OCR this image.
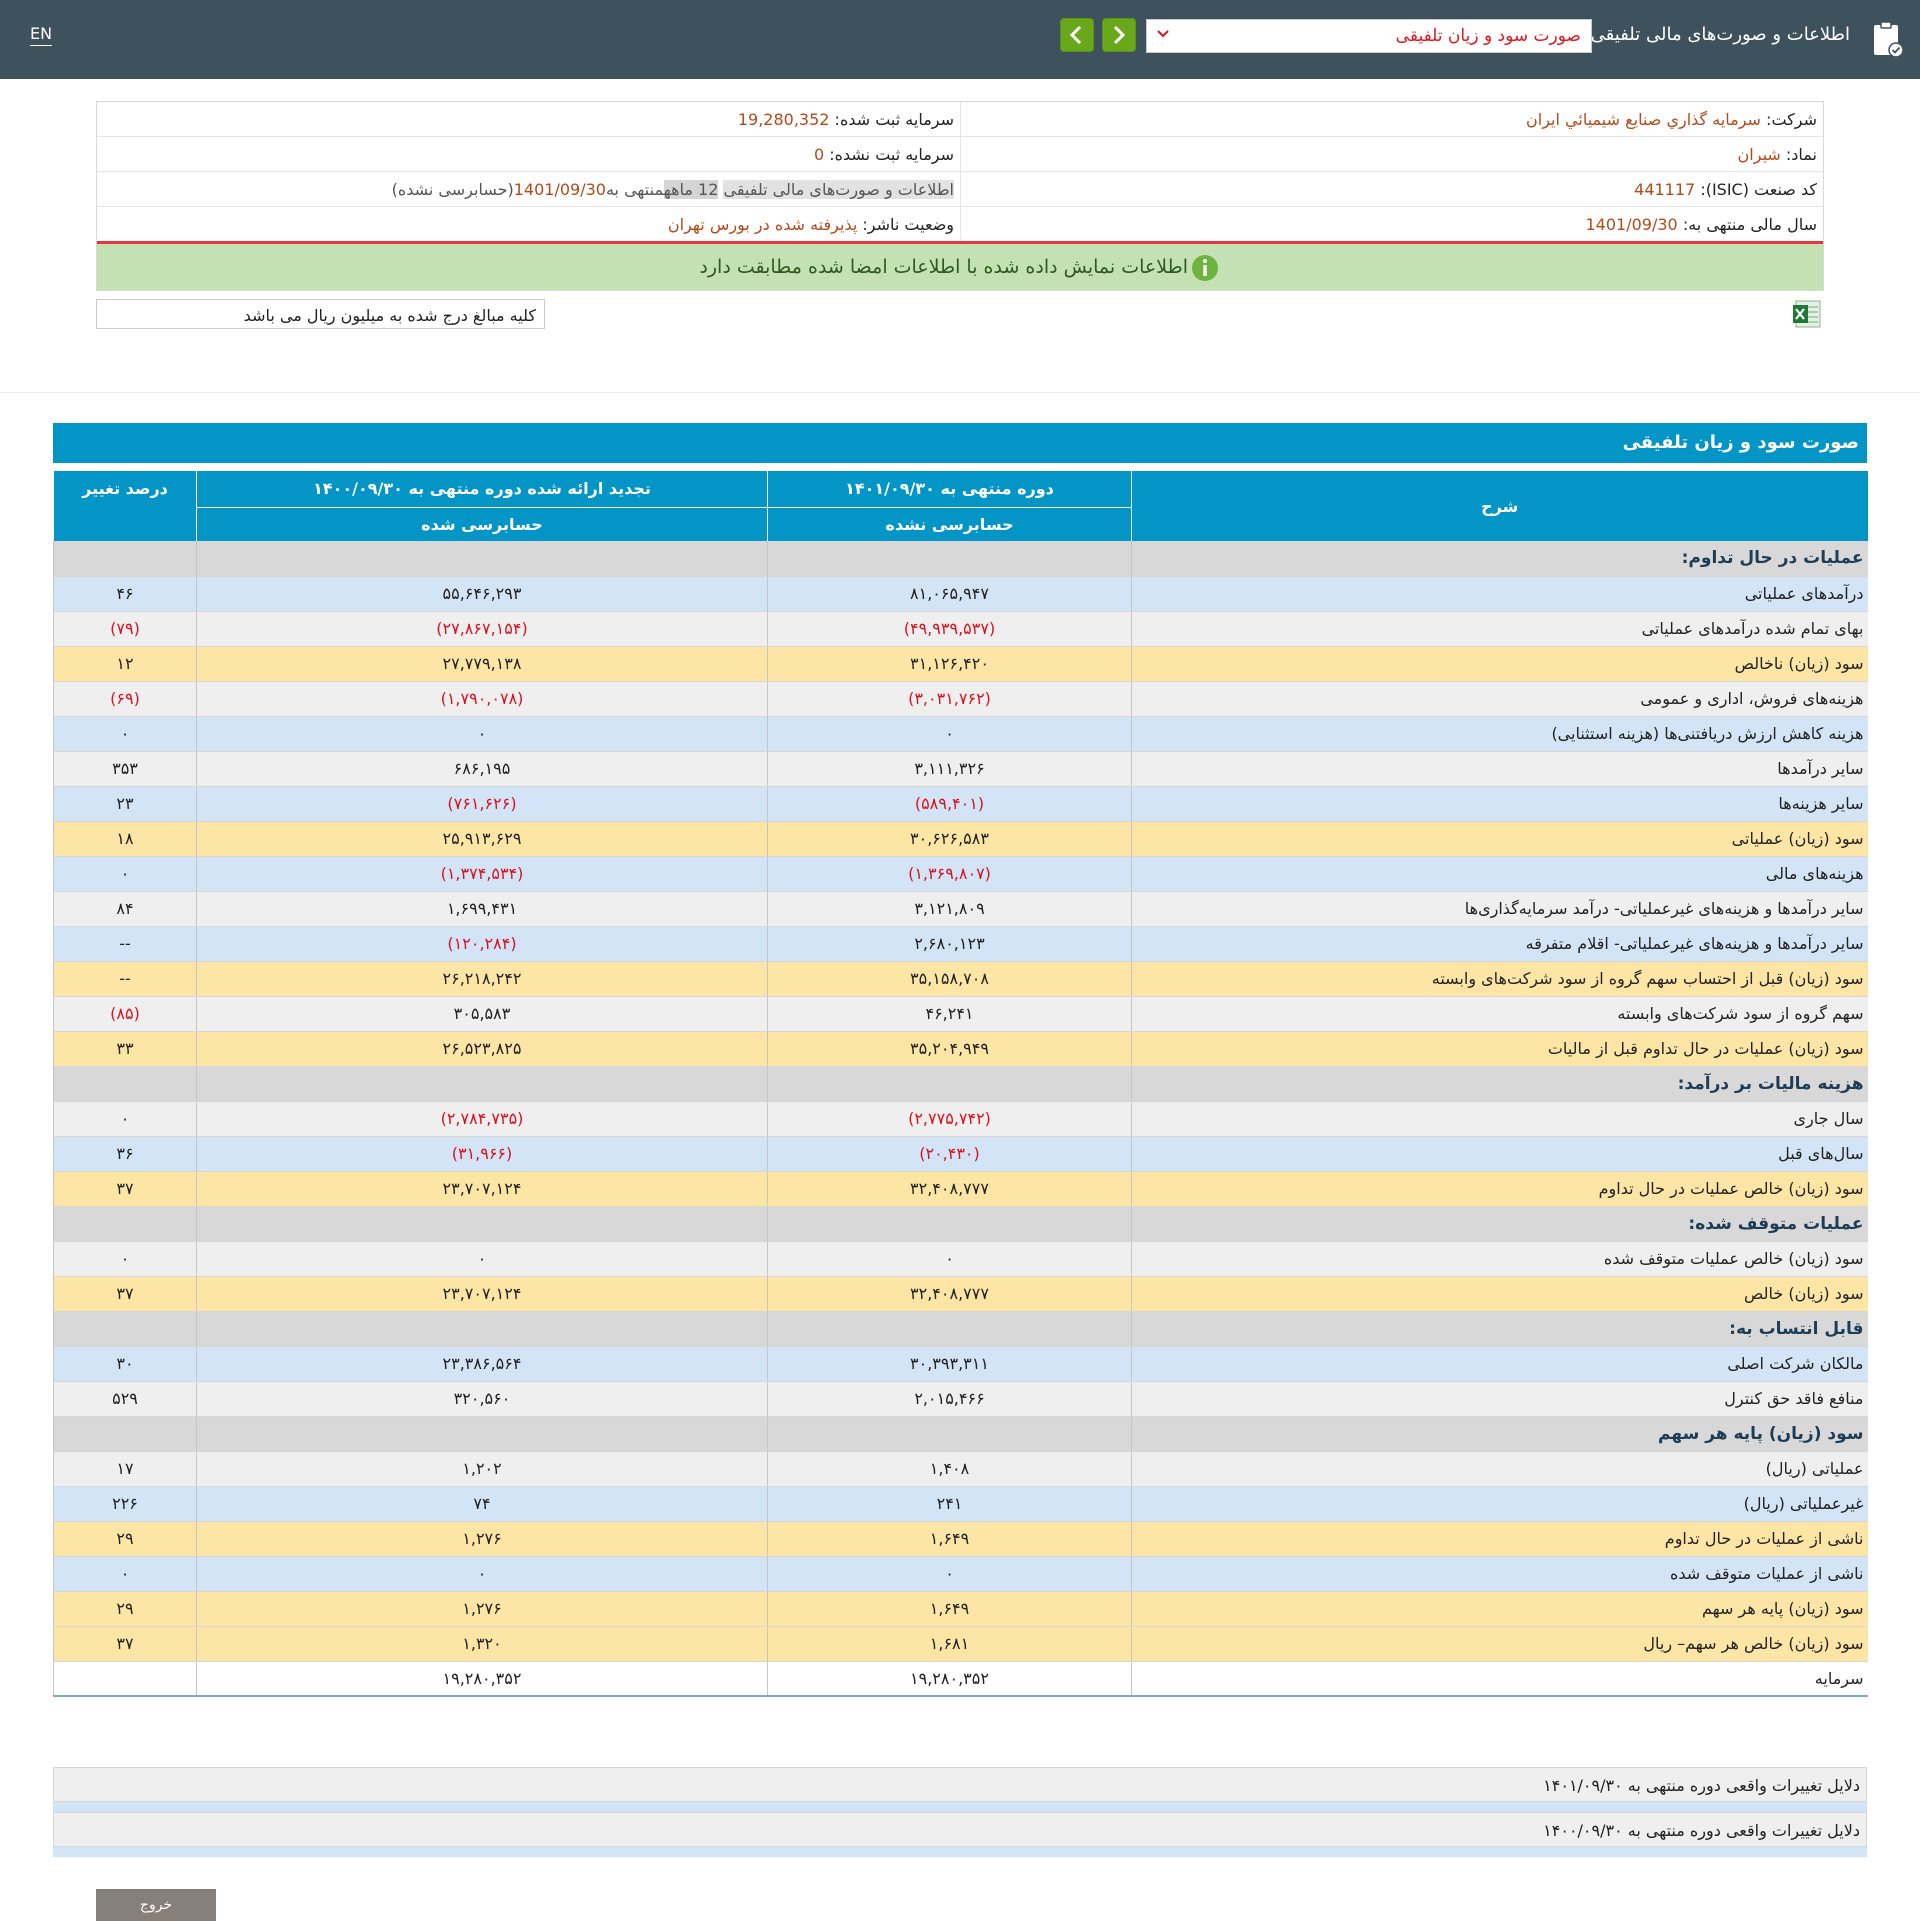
EN	صورت سود و زیان تلفیقی اطلاعات و صورت‌های مالی تلفیقی
شرکت: سرمايه گذاري صنايع شيميائي ايران
سرمایه ثبت شده: 19,280,352
نماد: شيران
سرمایه ثبت نشده: 0
کد صنعت (ISIC): 441117
اطلاعات و صورت‌های مالی تلفیقی 12 ماههمنتهی به1401/09/30(حسابرسی نشده)
سال مالی منتهی به: 1401/09/30
وضعیت ناشر: پذیرفته شده در بورس تهران
اطلاعات نمایش داده شده با اطلاعات امضا شده مطابقت دارد
کلیه مبالغ درج شده به میلیون ریال می باشد
صورت سود و زیان تلفیقی
شرح	دوره منتهی به ۱۴۰۱/۰۹/۳۰	تجدید ارائه شده دوره منتهی به ۱۴۰۰/۰۹/۳۰	درصد تغییر
	حسابرسی نشده	حسابرسی شده	
عملیات در حال تداوم:			
درآمدهای عملیاتی	۸۱,۰۶۵,۹۴۷	۵۵,۶۴۶,۲۹۳	۴۶
بهای تمام شده درآمدهای عملیاتی	(۴۹,۹۳۹,۵۳۷)	(۲۷,۸۶۷,۱۵۴)	(۷۹)
سود (زیان) ناخالص	۳۱,۱۲۶,۴۲۰	۲۷,۷۷۹,۱۳۸	۱۲
هزینه‌های فروش، اداری و عمومی	(۳,۰۳۱,۷۶۲)	(۱,۷۹۰,۰۷۸)	(۶۹)
هزینه کاهش ارزش دریافتنی‌ها (هزینه استثنایی)	۰	۰	۰
سایر درآمدها	۳,۱۱۱,۳۲۶	۶۸۶,۱۹۵	۳۵۳
سایر هزینه‌ها	(۵۸۹,۴۰۱)	(۷۶۱,۶۲۶)	۲۳
سود (زیان) عملیاتی	۳۰,۶۲۶,۵۸۳	۲۵,۹۱۳,۶۲۹	۱۸
هزینه‌های مالی	(۱,۳۶۹,۸۰۷)	(۱,۳۷۴,۵۳۴)	۰
سایر درآمدها و هزینه‌های غیرعملیاتی- درآمد سرمایه‌گذاری‌ها	۳,۱۲۱,۸۰۹	۱,۶۹۹,۴۳۱	۸۴
سایر درآمدها و هزینه‌های غیرعملیاتی- اقلام متفرقه	۲,۶۸۰,۱۲۳	(۱۲۰,۲۸۴)	--
سود (زیان) قبل از احتساب سهم گروه از سود شرکت‌های وابسته	۳۵,۱۵۸,۷۰۸	۲۶,۲۱۸,۲۴۲	--
سهم گروه از سود شرکت‌های وابسته	۴۶,۲۴۱	۳۰۵,۵۸۳	(۸۵)
سود (زیان) عملیات در حال تداوم قبل از مالیات	۳۵,۲۰۴,۹۴۹	۲۶,۵۲۳,۸۲۵	۳۳
هزینه مالیات بر درآمد:			
سال جاری	(۲,۷۷۵,۷۴۲)	(۲,۷۸۴,۷۳۵)	۰
سال‌های قبل	(۲۰,۴۳۰)	(۳۱,۹۶۶)	۳۶
سود (زیان) خالص عملیات در حال تداوم	۳۲,۴۰۸,۷۷۷	۲۳,۷۰۷,۱۲۴	۳۷
عملیات متوقف شده:			
سود (زیان) خالص عملیات متوقف شده	۰	۰	۰
سود (زیان) خالص	۳۲,۴۰۸,۷۷۷	۲۳,۷۰۷,۱۲۴	۳۷
قابل انتساب به:			
مالکان شرکت اصلی	۳۰,۳۹۳,۳۱۱	۲۳,۳۸۶,۵۶۴	۳۰
منافع فاقد حق کنترل	۲,۰۱۵,۴۶۶	۳۲۰,۵۶۰	۵۲۹
سود (زیان) پایه هر سهم			
عملیاتی (ریال)	۱,۴۰۸	۱,۲۰۲	۱۷
غیرعملیاتی (ریال)	۲۴۱	۷۴	۲۲۶
ناشی از عملیات در حال تداوم	۱,۶۴۹	۱,۲۷۶	۲۹
ناشی از عملیات متوقف شده	۰	۰	۰
سود (زیان) پایه هر سهم	۱,۶۴۹	۱,۲۷۶	۲۹
سود (زیان) خالص هر سهم– ریال	۱,۶۸۱	۱,۳۲۰	۳۷
سرمایه	۱۹,۲۸۰,۳۵۲	۱۹,۲۸۰,۳۵۲	
دلایل تغییرات واقعی دوره منتهی به ۱۴۰۱/۰۹/۳۰
دلایل تغییرات واقعی دوره منتهی به ۱۴۰۰/۰۹/۳۰
خروج
